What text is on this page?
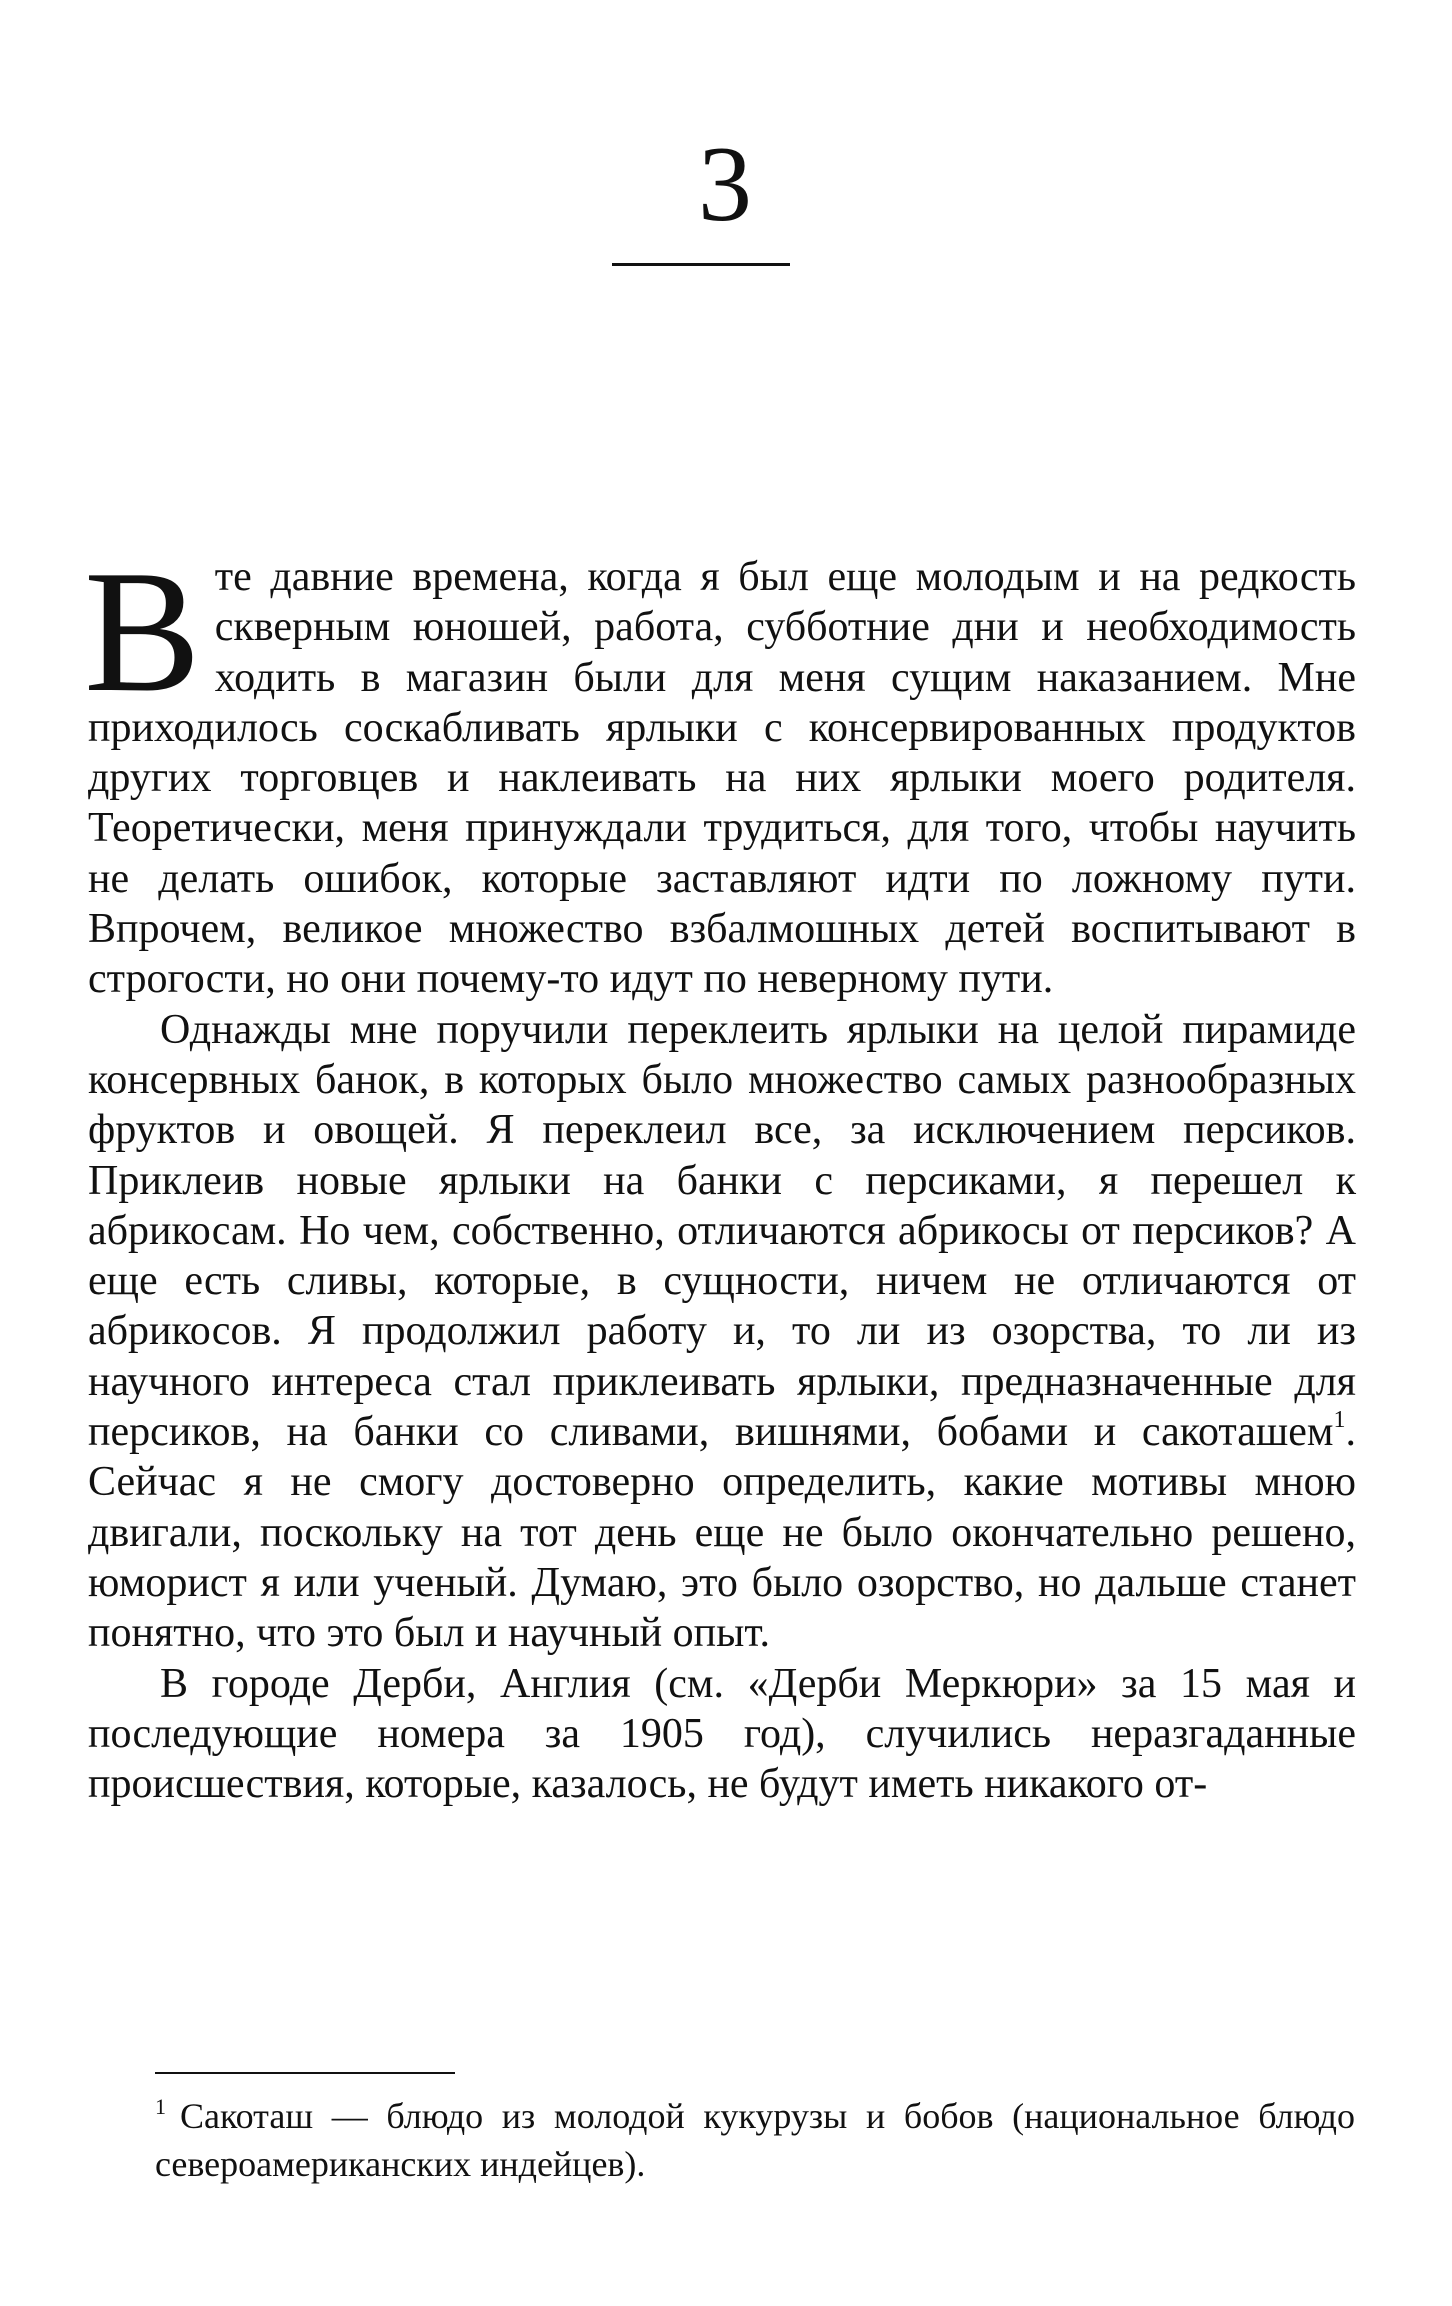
3

Вте давние времена, когда я был еще молодым и на редкость скверным юношей, работа, субботние дни и необходимость ходить в магазин были для меня сущим наказанием. Мне приходилось соскабливать ярлыки с консервированных продуктов других торговцев и наклеивать на них ярлыки моего родителя. Теоретически, меня принуждали трудиться, для того, чтобы научить не делать ошибок, которые заставляют идти по ложному пути. Впрочем, великое множество взбалмошных детей воспитывают в строгости, но они почему-то идут по неверному пути.

Однажды мне поручили переклеить ярлыки на целой пирамиде консервных банок, в которых было множество самых разнообразных фруктов и овощей. Я переклеил все, за исключением персиков. Приклеив новые ярлыки на банки с персиками, я перешел к абрикосам. Но чем, собственно, отличаются абрикосы от персиков? А еще есть сливы, которые, в сущности, ничем не отличаются от абрикосов. Я продолжил работу и, то ли из озорства, то ли из научного интереса стал приклеивать ярлыки, предназначенные для персиков, на банки со сливами, вишнями, бобами и сакоташем$^1$. Сейчас я не смогу достоверно определить, какие мотивы мною двигали, поскольку на тот день еще не было окончательно решено, юморист я или ученый. Думаю, это было озорство, но дальше станет понятно, что это был и научный опыт.

В городе Дерби, Англия (см. «Дерби Меркюри» за 15 мая и последующие номера за 1905 год), случились неразгаданные происшествия, которые, казалось, не будут иметь никакого от-

$^1$ Сакоташ — блюдо из молодой кукурузы и бобов (национальное блюдо североамериканских индейцев).
